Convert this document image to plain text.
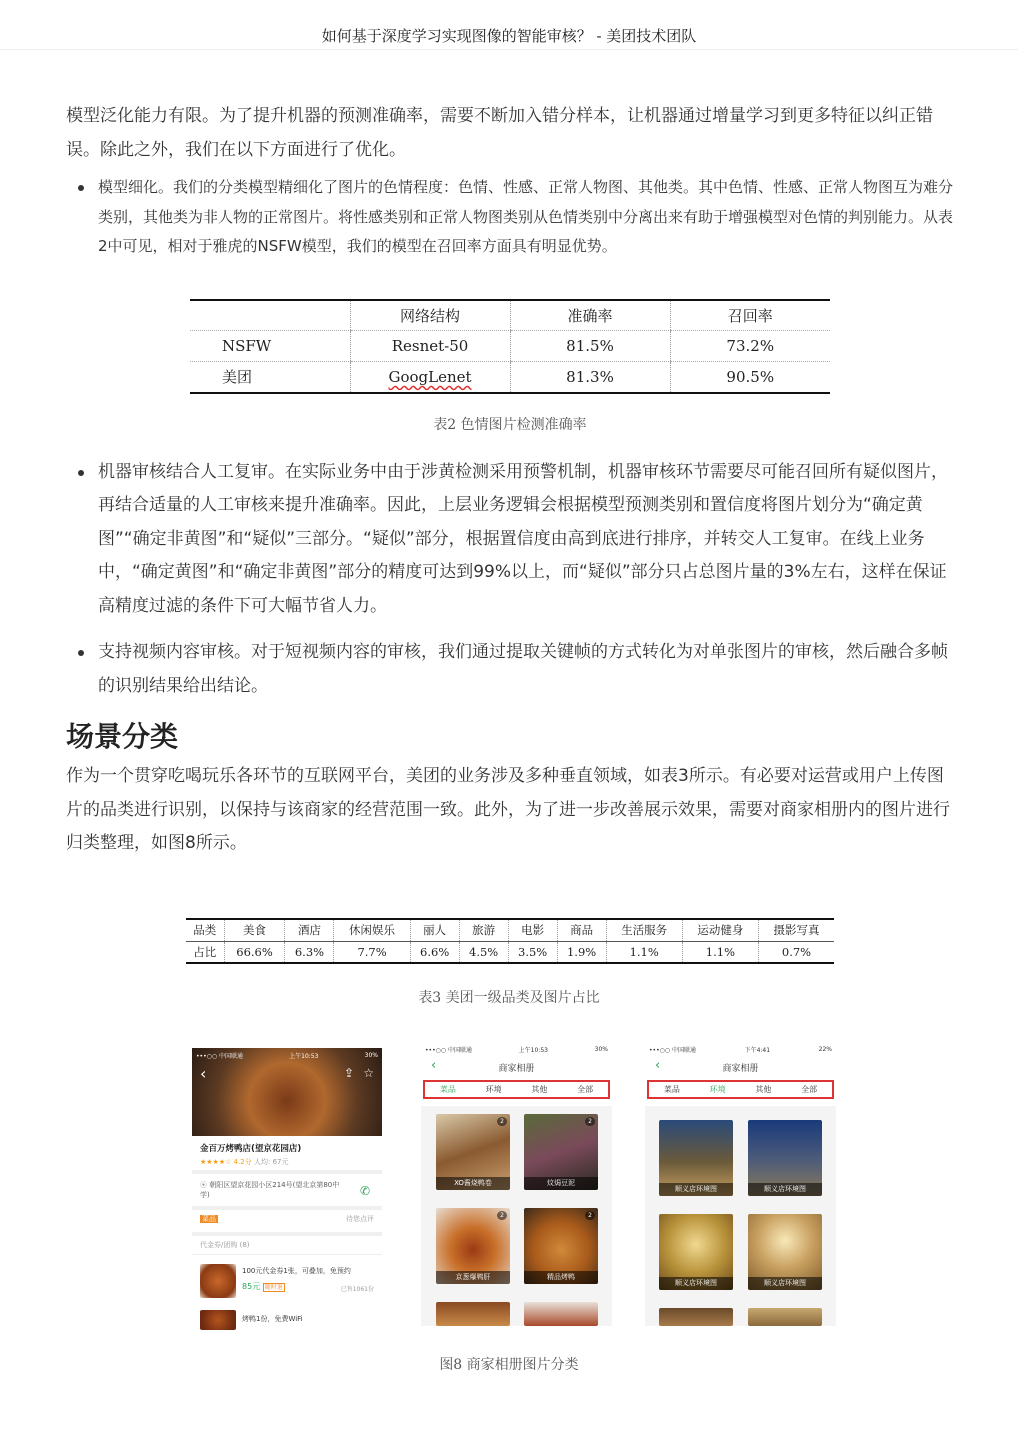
如何基于深度学习实现图像的智能审核？ - 美团技术团队

模型泛化能力有限。为了提升机器的预测准确率，需要不断加入错分样本，让机器通过增量学习到更多特征以纠正错误。除此之外，我们在以下方面进行了优化。

模型细化。我们的分类模型精细化了图片的色情程度：色情、性感、正常人物图、其他类。其中色情、性感、正常人物图互为难分类别，其他类为非人物的正常图片。将性感类别和正常人物图类别从色情类别中分离出来有助于增强模型对色情的判别能力。从表2中可见，相对于雅虎的NSFW模型，我们的模型在召回率方面具有明显优势。
	网络结构	准确率	召回率
NSFW	Resnet-50	81.5%	73.2%
美团	GoogLenet	81.3%	90.5%

表2 色情图片检测准确率

机器审核结合人工复审。在实际业务中由于涉黄检测采用预警机制，机器审核环节需要尽可能召回所有疑似图片，再结合适量的人工审核来提升准确率。因此，上层业务逻辑会根据模型预测类别和置信度将图片划分为“确定黄图”“确定非黄图”和“疑似”三部分。“疑似”部分，根据置信度由高到底进行排序，并转交人工复审。在线上业务中，“确定黄图”和“确定非黄图”部分的精度可达到99%以上，而“疑似”部分只占总图片量的3%左右，这样在保证高精度过滤的条件下可大幅节省人力。
支持视频内容审核。对于短视频内容的审核，我们通过提取关键帧的方式转化为对单张图片的审核，然后融合多帧的识别结果给出结论。
场景分类

作为一个贯穿吃喝玩乐各环节的互联网平台，美团的业务涉及多种垂直领域，如表3所示。有必要对运营或用户上传图片的品类进行识别，以保持与该商家的经营范围一致。此外，为了进一步改善展示效果，需要对商家相册内的图片进行归类整理，如图8所示。

品类	美食	酒店	休闲娱乐	丽人	旅游	电影	商品	生活服务	运动健身	摄影写真
占比	66.6%	6.3%	7.7%	6.6%	4.5%	3.5%	1.9%	1.1%	1.1%	0.7%

表3 美团一级品类及图片占比

•••○○ 中国联通	上午10:53	30%
‹	⇪ ☆
金百万烤鸭店(望京花园店)
★★★★☆ 4.2分 人均: 67元
⦿ 朝阳区望京花园小区214号(望北京第80中学)	✆
菜品	待您点评
代金券/团购 (8)
100元代金券1张，可叠加，免预约
85元 随时退	已售1061份
烤鸭1份，免费WiFi
•••○○ 中国联通	上午10:53	30%
‹	商家相册
菜品	环境	其他	全部
2
XO酱烧鸭卷
2
炆焗豆泥
2
京葱爆鸭肝
2
精品烤鸭
•••○○ 中国联通	下午4:41	22%
‹	商家相册
菜品	环境	其他	全部
顺义店环境图	顺义店环境图
顺义店环境图	顺义店环境图

图8 商家相册图片分类
